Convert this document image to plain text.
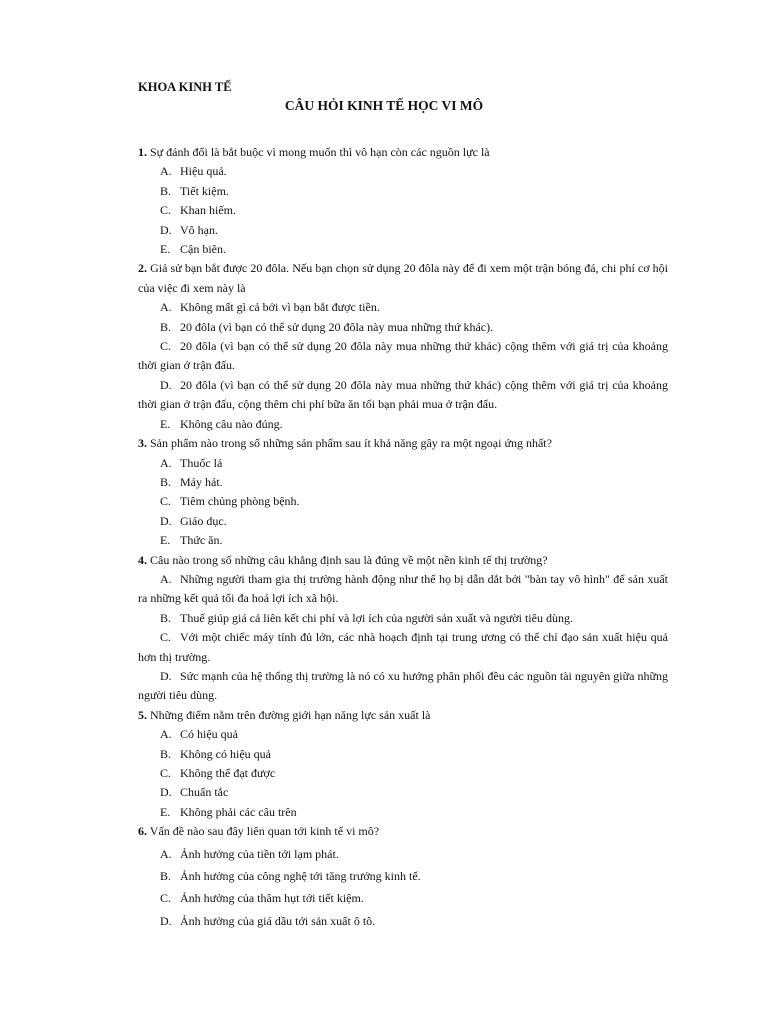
KHOA KINH TẾ
CÂU HỎI KINH TẾ HỌC VI MÔ

1. Sự đánh đổi là bắt buộc vì mong muốn thì vô hạn còn các nguồn lực là

A. Hiệu quả.

B. Tiết kiệm.

C. Khan hiếm.

D. Vô hạn.

E. Cận biên.

2. Giả sử bạn bắt được 20 đôla. Nếu bạn chọn sử dụng 20 đôla này để đi xem một trận bóng đá, chi phí cơ hội của việc đi xem này là

A. Không mất gì cả bởi vì bạn bắt được tiền.

B. 20 đôla (vì bạn có thể sử dụng 20 đôla này mua những thứ khác).

C. 20 đôla (vì bạn có thể sử dụng 20 đôla này mua những thứ khác) cộng thêm với giá trị của khoảng thời gian ở trận đấu.

D. 20 đôla (vì bạn có thể sử dụng 20 đôla này mua những thứ khác) cộng thêm với giá trị của khoảng thời gian ở trận đấu, cộng thêm chi phí bữa ăn tối bạn phải mua ở trận đấu.

E. Không câu nào đúng.

3. Sản phẩm nào trong số những sản phẩm sau ít khả năng gây ra một ngoại ứng nhất?

A. Thuốc lá

B. Máy hát.

C. Tiêm chủng phòng bệnh.

D. Giáo dục.

E. Thức ăn.

4. Câu nào trong số những câu khẳng định sau là đúng về một nền kinh tế thị trường?

A. Những người tham gia thị trường hành động như thể họ bị dẫn dắt bởi "bàn tay vô hình" để sản xuất ra những kết quả tối đa hoá lợi ích xã hội.

B. Thuế giúp giá cả liên kết chi phí và lợi ích của người sản xuất và người tiêu dùng.

C. Với một chiếc máy tính đủ lớn, các nhà hoạch định tại trung ương có thể chỉ đạo sản xuất hiệu quả hơn thị trường.

D. Sức mạnh của hệ thống thị trường là nó có xu hướng phân phối đều các nguồn tài nguyên giữa những người tiêu dùng.

5. Những điểm nằm trên đường giới hạn năng lực sản xuất là

A. Có hiệu quả

B. Không có hiệu quả

C. Không thể đạt được

D. Chuẩn tắc

E. Không phải các câu trên

6. Vấn đề nào sau đây liên quan tới kinh tế vi mô?

A. Ảnh hưởng của tiền tới lạm phát.

B. Ảnh hưởng của công nghệ tới tăng trưởng kinh tế.

C. Ảnh hưởng của thâm hụt tới tiết kiệm.

D. Ảnh hưởng của giá dầu tới sản xuất ô tô.
